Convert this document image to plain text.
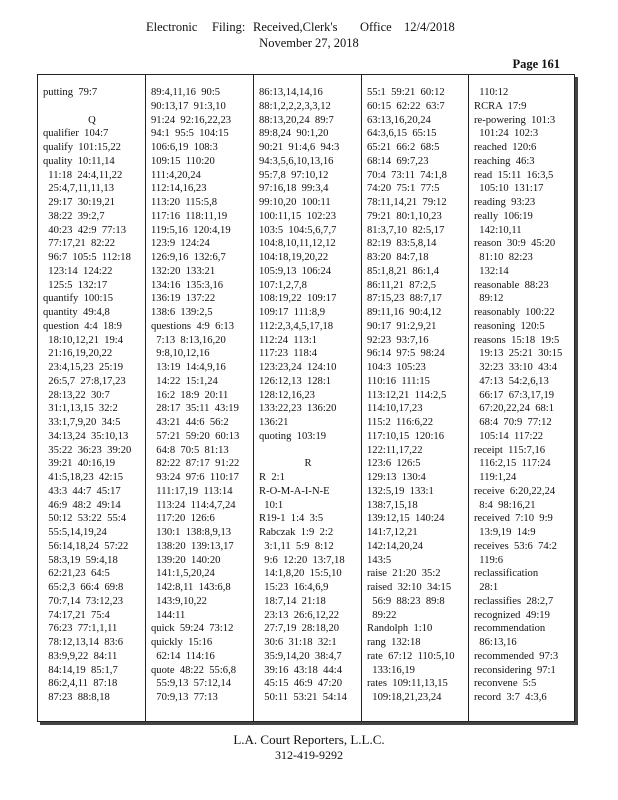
Electronic Filing: Received,Clerk's Office 12/4/2018
November 27, 2018
Page 161
putting  79:7
Q
qualifier  104:7
qualify  101:15,22
quality  10:11,14
11:18  24:4,11,22
25:4,7,11,11,13
29:17  30:19,21
38:22  39:2,7
40:23  42:9  77:13
77:17,21  82:22
96:7  105:5  112:18
123:14  124:22
125:5  132:17
quantify  100:15
quantity  49:4,8
question  4:4  18:9
18:10,12,21  19:4
21:16,19,20,22
23:4,15,23  25:19
26:5,7  27:8,17,23
28:13,22  30:7
31:1,13,15  32:2
33:1,7,9,20  34:5
34:13,24  35:10,13
35:22  36:23  39:20
39:21  40:16,19
41:5,18,23  42:15
43:3  44:7  45:17
46:9  48:2  49:14
50:12  53:22  55:4
55:5,14,19,24
56:14,18,24  57:22
58:3,19  59:4,18
62:21,23  64:5
65:2,3  66:4  69:8
70:7,14  73:12,23
74:17,21  75:4
76:23  77:1,1,11
78:12,13,14  83:6
83:9,9,22  84:11
84:14,19  85:1,7
86:2,4,11  87:18
87:23  88:8,18
89:4,11,16  90:5
90:13,17  91:3,10
91:24  92:16,22,23
94:1  95:5  104:15
106:6,19  108:3
109:15  110:20
111:4,20,24
112:14,16,23
113:20  115:5,8
117:16  118:11,19
119:5,16  120:4,19
123:9  124:24
126:9,16  132:6,7
132:20  133:21
134:16  135:3,16
136:19  137:22
138:6  139:2,5
questions  4:9  6:13
7:13  8:13,16,20
9:8,10,12,16
13:19  14:4,9,16
14:22  15:1,24
16:2  18:9  20:11
28:17  35:11  43:19
43:21  44:6  56:2
57:21  59:20  60:13
64:8  70:5  81:13
82:22  87:17  91:22
93:24  97:6  110:17
111:17,19  113:14
113:24  114:4,7,24
117:20  126:6
130:1  138:8,9,13
138:20  139:13,17
139:20  140:20
141:1,5,20,24
142:8,11  143:6,8
143:9,10,22
144:11
quick  59:24  73:12
quickly  15:16
62:14  114:16
quote  48:22  55:6,8
55:9,13  57:12,14
70:9,13  77:13
86:13,14,14,16
88:1,2,2,2,3,3,12
88:13,20,24  89:7
89:8,24  90:1,20
90:21  91:4,6  94:3
94:3,5,6,10,13,16
95:7,8  97:10,12
97:16,18  99:3,4
99:10,20  100:11
100:11,15  102:23
103:5  104:5,6,7,7
104:8,10,11,12,12
104:18,19,20,22
105:9,13  106:24
107:1,2,7,8
108:19,22  109:17
109:17  111:8,9
112:2,3,4,5,17,18
112:24  113:1
117:23  118:4
123:23,24  124:10
126:12,13  128:1
128:12,16,23
133:22,23  136:20
136:21
quoting  103:19
R
R  2:1
R-O-M-A-I-N-E
10:1
R19-1  1:4  3:5
Rabczak  1:9  2:2
3:1,11  5:9  8:12
9:6  12:20  13:7,18
14:1,8,20  15:5,10
15:23  16:4,6,9
18:7,14  21:18
23:13  26:6,12,22
27:7,19  28:18,20
30:6  31:18  32:1
35:9,14,20  38:4,7
39:16  43:18  44:4
45:15  46:9  47:20
50:11  53:21  54:14
55:1  59:21  60:12
60:15  62:22  63:7
63:13,16,20,24
64:3,6,15  65:15
65:21  66:2  68:5
68:14  69:7,23
70:4  73:11  74:1,8
74:20  75:1  77:5
78:11,14,21  79:12
79:21  80:1,10,23
81:3,7,10  82:5,17
82:19  83:5,8,14
83:20  84:7,18
85:1,8,21  86:1,4
86:11,21  87:2,5
87:15,23  88:7,17
89:11,16  90:4,12
90:17  91:2,9,21
92:23  93:7,16
96:14  97:5  98:24
104:3  105:23
110:16  111:15
113:12,21  114:2,5
114:10,17,23
115:2  116:6,22
117:10,15  120:16
122:11,17,22
123:6  126:5
129:13  130:4
132:5,19  133:1
138:7,15,18
139:12,15  140:24
141:7,12,21
142:14,20,24
143:5
raise  21:20  35:2
raised  32:10  34:15
56:9  88:23  89:8
89:22
Randolph  1:10
rang  132:18
rate  67:12  110:5,10
133:16,19
rates  109:11,13,15
109:18,21,23,24
110:12
RCRA  17:9
re-powering  101:3
101:24  102:3
reached  120:6
reaching  46:3
read  15:11  16:3,5
105:10  131:17
reading  93:23
really  106:19
142:10,11
reason  30:9  45:20
81:10  82:23
132:14
reasonable  88:23
89:12
reasonably  100:22
reasoning  120:5
reasons  15:18  19:5
19:13  25:21  30:15
32:23  33:10  43:4
47:13  54:2,6,13
66:17  67:3,17,19
67:20,22,24  68:1
68:4  70:9  77:12
105:14  117:22
receipt  115:7,16
116:2,15  117:24
119:1,24
receive  6:20,22,24
8:4  98:16,21
received  7:10  9:9
13:9,19  14:9
receives  53:6  74:2
119:6
reclassification
28:1
reclassifies  28:2,7
recognized  49:19
recommendation
86:13,16
recommended  97:3
reconsidering  97:1
reconvene  5:5
record  3:7  4:3,6
L.A. Court Reporters, L.L.C.
312-419-9292
